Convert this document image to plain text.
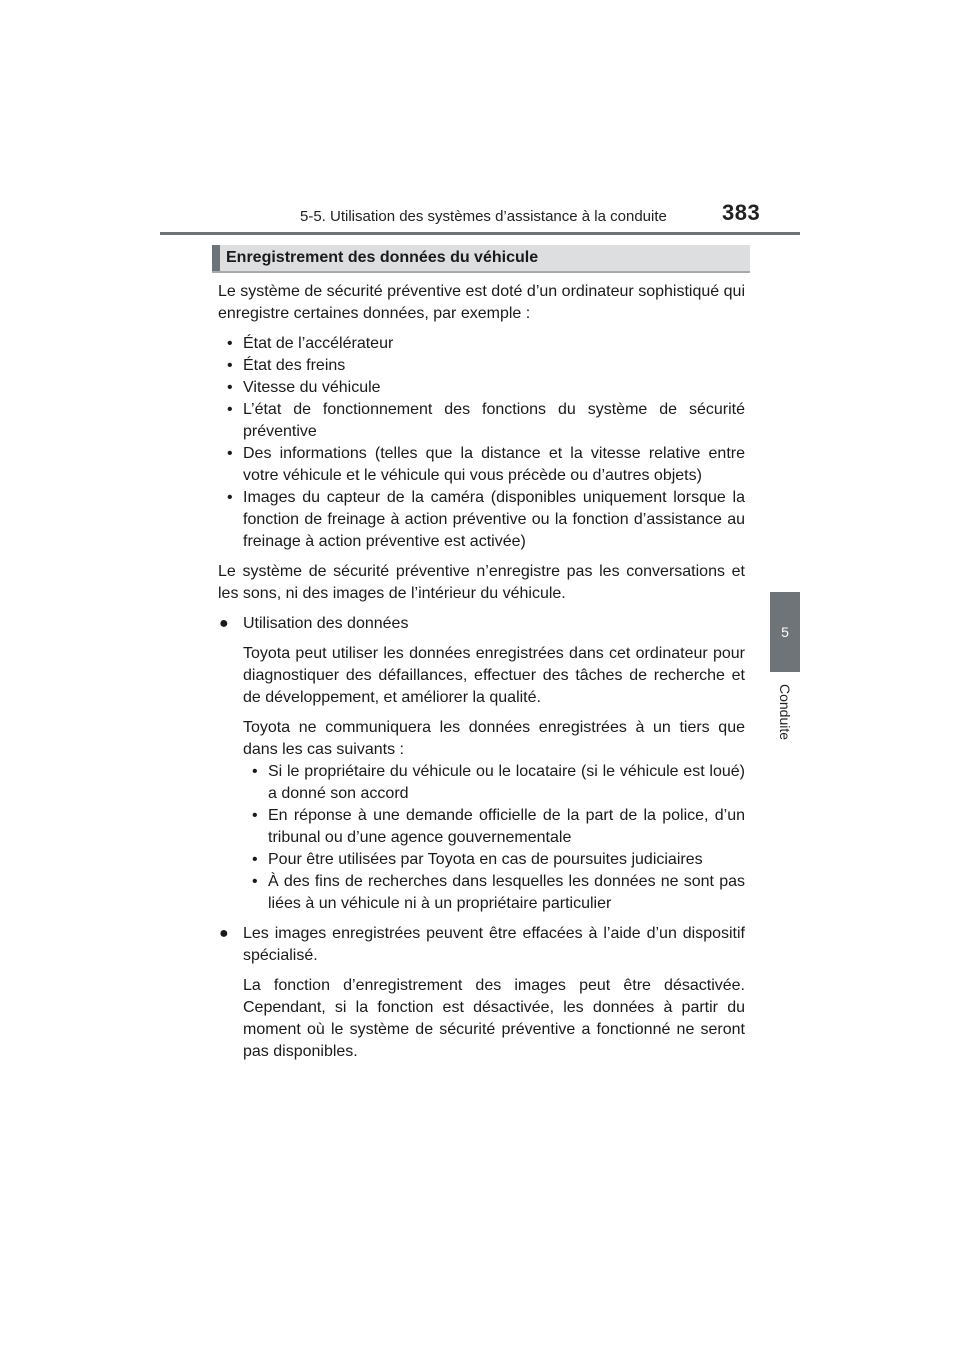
5-5. Utilisation des systèmes d’assistance à la conduite	383
5
Conduite
Enregistrement des données du véhicule

Le système de sécurité préventive est doté d’un ordinateur sophistiqué qui enregistre certaines données, par exemple :

• État de l’accélérateur
• État des freins
• Vitesse du véhicule
• L’état de fonctionnement des fonctions du système de sécurité préventive
• Des informations (telles que la distance et la vitesse relative entre votre véhicule et le véhicule qui vous précède ou d’autres objets)
• Images du capteur de la caméra (disponibles uniquement lorsque la fonction de freinage à action préventive ou la fonction d’assistance au freinage à action préventive est activée)

Le système de sécurité préventive n’enregistre pas les conversations et les sons, ni des images de l’intérieur du véhicule.

● Utilisation des données
Toyota peut utiliser les données enregistrées dans cet ordinateur pour diagnostiquer des défaillances, effectuer des tâches de recherche et de développement, et améliorer la qualité.
Toyota ne communiquera les données enregistrées à un tiers que dans les cas suivants :
• Si le propriétaire du véhicule ou le locataire (si le véhicule est loué) a donné son accord
• En réponse à une demande officielle de la part de la police, d’un tribunal ou d’une agence gouvernementale
• Pour être utilisées par Toyota en cas de poursuites judiciaires
• À des fins de recherches dans lesquelles les données ne sont pas liées à un véhicule ni à un propriétaire particulier
● Les images enregistrées peuvent être effacées à l’aide d’un dispositif spécialisé.
La fonction d’enregistrement des images peut être désactivée. Cependant, si la fonction est désactivée, les données à partir du moment où le système de sécurité préventive a fonctionné ne seront pas disponibles.
